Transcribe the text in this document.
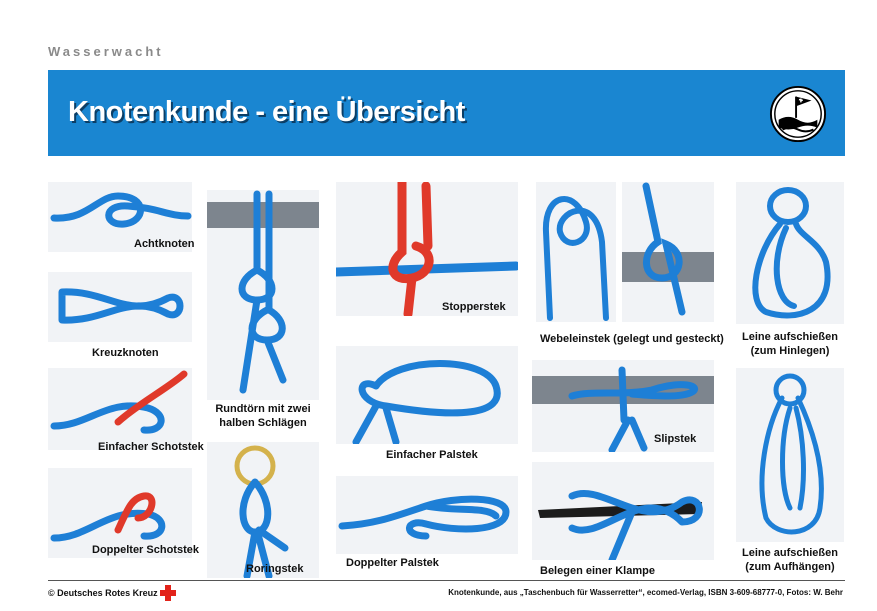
Wasserwacht
Knotenkunde - eine Übersicht
Achtknoten
Kreuzknoten
Einfacher Schotstek
Doppelter Schotstek
Rundtörn mit zwei
halben Schlägen
Roringstek
Stopperstek
Einfacher Palstek
Doppelter Palstek
Webeleinstek (gelegt und gesteckt)
Slipstek
Belegen einer Klampe
Leine aufschießen
(zum Hinlegen)
Leine aufschießen
(zum Aufhängen)
© Deutsches Rotes Kreuz	Knotenkunde, aus „Taschenbuch für Wasserretter“, ecomed-Verlag, ISBN 3-609-68777-0, Fotos: W. Behr
